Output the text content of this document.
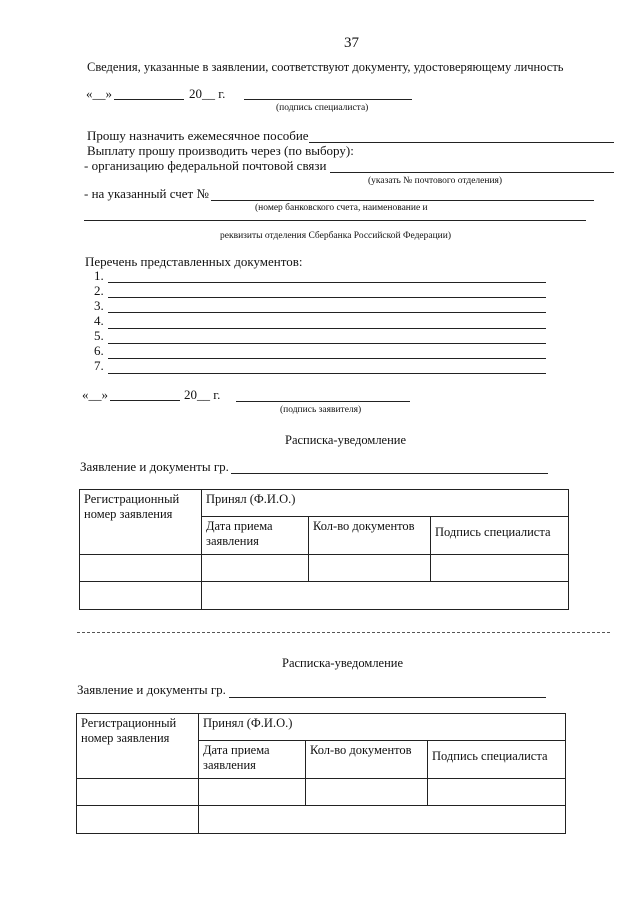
37
Сведения, указанные в заявлении, соответствуют документу, удостоверяющему личность
«__»	20__ г.
(подпись специалиста)
Прошу назначить ежемесячное пособие
Выплату прошу производить через (по выбору):
- организацию федеральной почтовой связи
(указать № почтового отделения)
- на указанный счет №
(номер банковского счета, наименование и
реквизиты отделения Сбербанка Российской Федерации)
Перечень представленных документов:
1.
2.
3.
4.
5.
6.
7.
«__»	20__ г.
(подпись заявителя)
Расписка-уведомление
Заявление и документы гр.
Регистрационный номер заявления	Принял (Ф.И.О.)		
	Дата приема заявления	Кол-во документов	Подпись специалиста

Расписка-уведомление
Заявление и документы гр.
Регистрационный номер заявления	Принял (Ф.И.О.)		
	Дата приема заявления	Кол-во документов	Подпись специалиста
